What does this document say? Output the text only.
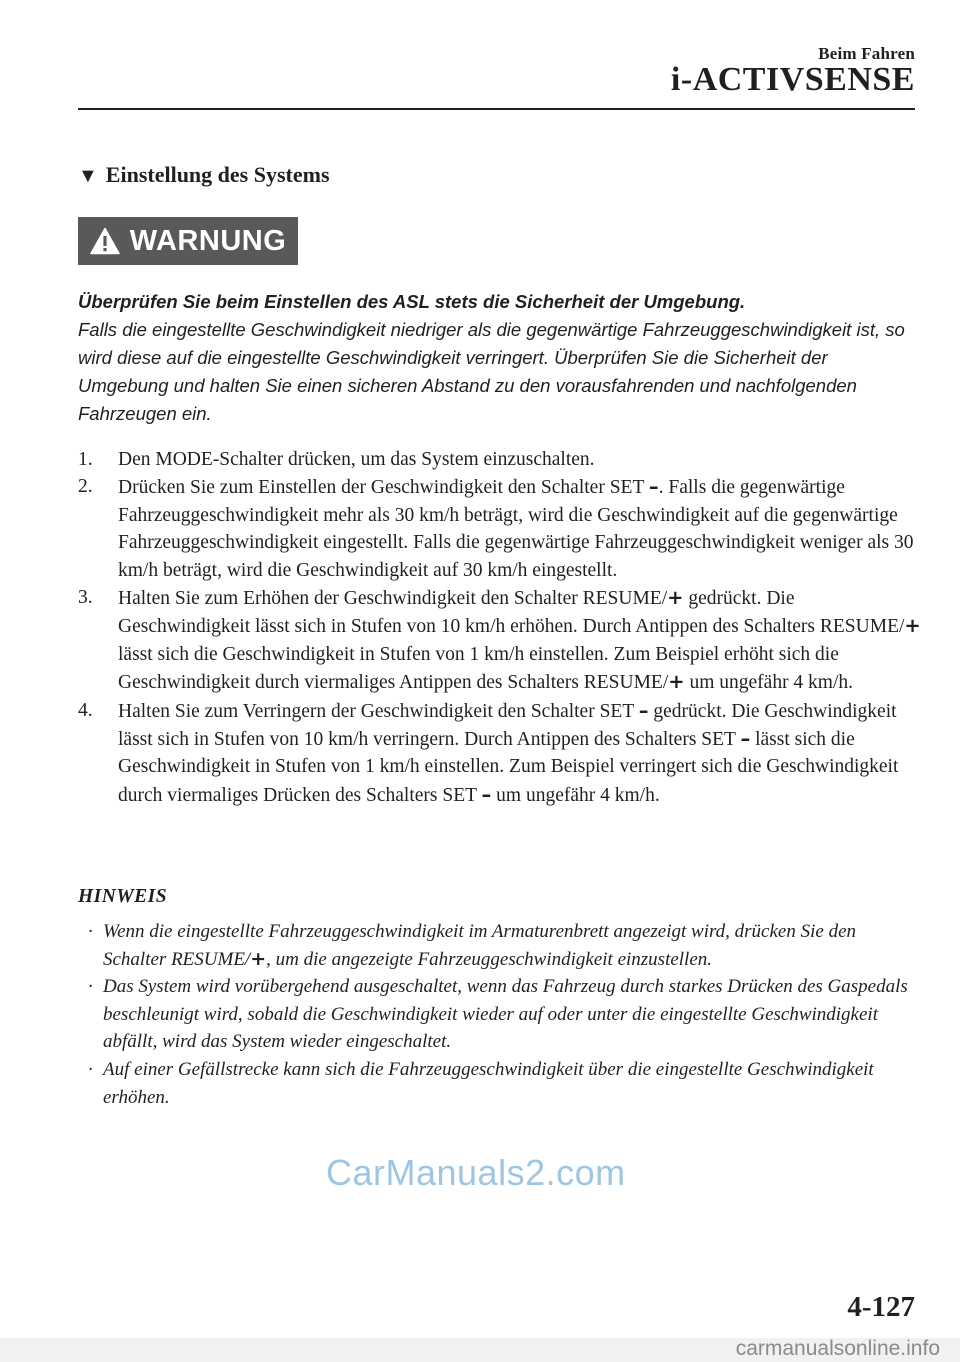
Beim Fahren
i-ACTIVSENSE
▼ Einstellung des Systems
WARNUNG
Überprüfen Sie beim Einstellen des ASL stets die Sicherheit der Umgebung.
Falls die eingestellte Geschwindigkeit niedriger als die gegenwärtige Fahrzeuggeschwindigkeit ist, so wird diese auf die eingestellte Geschwindigkeit verringert. Überprüfen Sie die Sicherheit der Umgebung und halten Sie einen sicheren Abstand zu den vorausfahrenden und nachfolgenden Fahrzeugen ein.
1. Den MODE-Schalter drücken, um das System einzuschalten.
2. Drücken Sie zum Einstellen der Geschwindigkeit den Schalter SET –. Falls die gegenwärtige Fahrzeuggeschwindigkeit mehr als 30 km/h beträgt, wird die Geschwindigkeit auf die gegenwärtige Fahrzeuggeschwindigkeit eingestellt. Falls die gegenwärtige Fahrzeuggeschwindigkeit weniger als 30 km/h beträgt, wird die Geschwindigkeit auf 30 km/h eingestellt.
3. Halten Sie zum Erhöhen der Geschwindigkeit den Schalter RESUME/+ gedrückt. Die Geschwindigkeit lässt sich in Stufen von 10 km/h erhöhen. Durch Antippen des Schalters RESUME/+ lässt sich die Geschwindigkeit in Stufen von 1 km/h einstellen. Zum Beispiel erhöht sich die Geschwindigkeit durch viermaliges Antippen des Schalters RESUME/+ um ungefähr 4 km/h.
4. Halten Sie zum Verringern der Geschwindigkeit den Schalter SET – gedrückt. Die Geschwindigkeit lässt sich in Stufen von 10 km/h verringern. Durch Antippen des Schalters SET – lässt sich die Geschwindigkeit in Stufen von 1 km/h einstellen. Zum Beispiel verringert sich die Geschwindigkeit durch viermaliges Drücken des Schalters SET – um ungefähr 4 km/h.
HINWEIS
· Wenn die eingestellte Fahrzeuggeschwindigkeit im Armaturenbrett angezeigt wird, drücken Sie den Schalter RESUME/+, um die angezeigte Fahrzeuggeschwindigkeit einzustellen.
· Das System wird vorübergehend ausgeschaltet, wenn das Fahrzeug durch starkes Drücken des Gaspedals beschleunigt wird, sobald die Geschwindigkeit wieder auf oder unter die eingestellte Geschwindigkeit abfällt, wird das System wieder eingeschaltet.
· Auf einer Gefällstrecke kann sich die Fahrzeuggeschwindigkeit über die eingestellte Geschwindigkeit erhöhen.
CarManuals2.com
4-127
carmanualsonline.info
